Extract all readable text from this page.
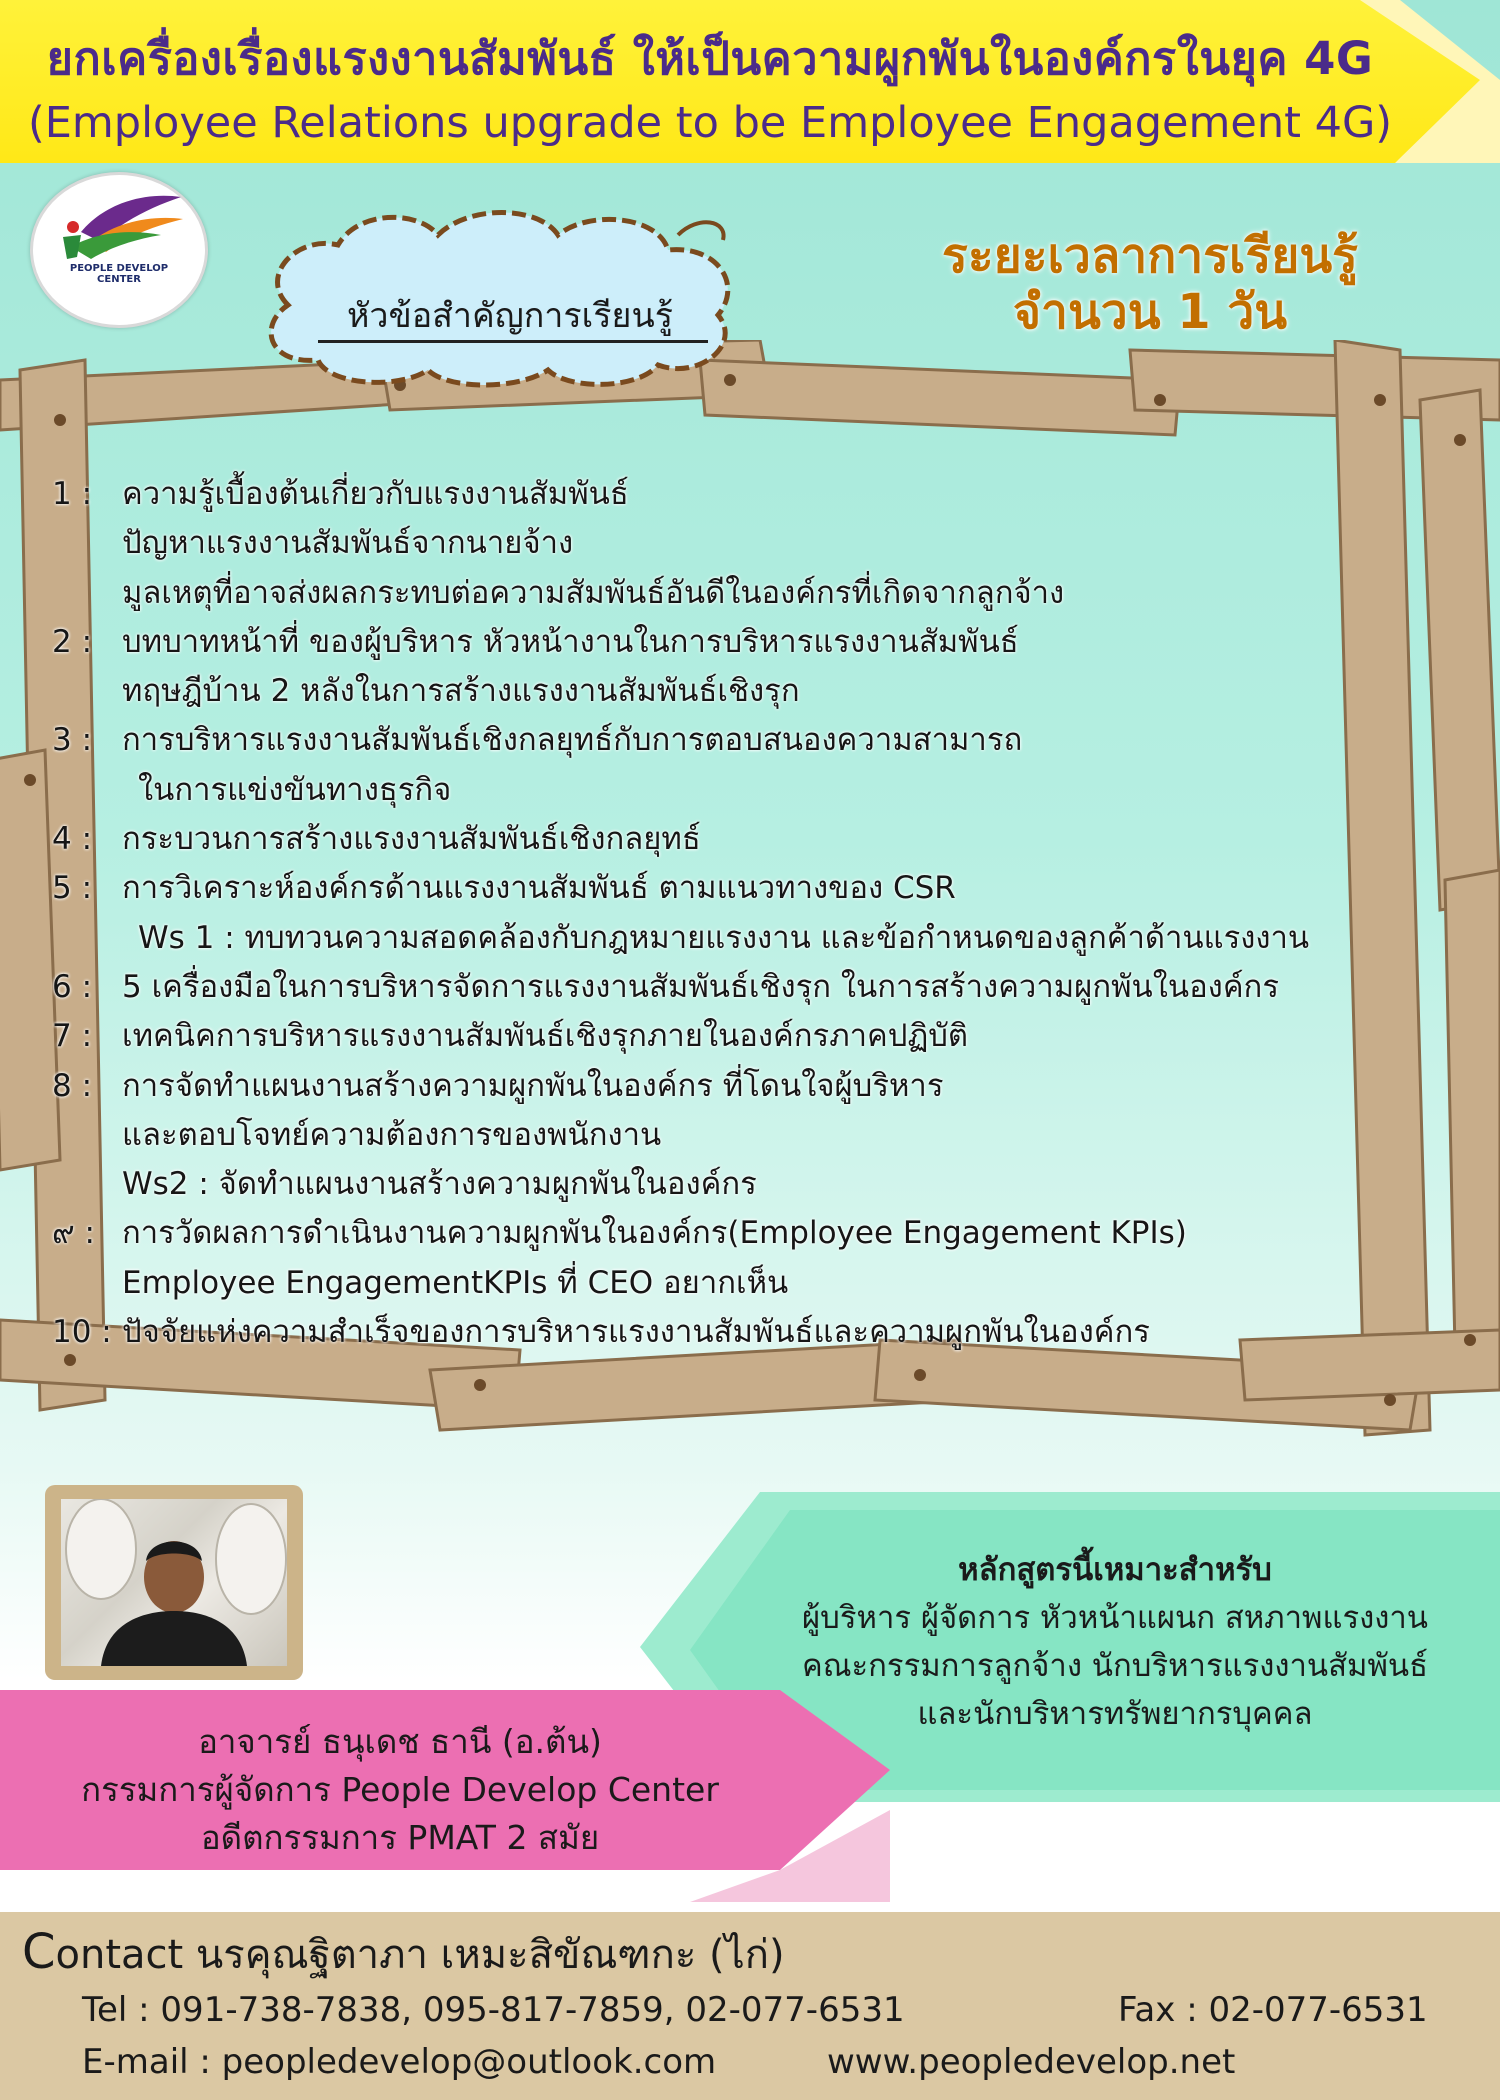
ยกเครื่องเรื่องแรงงานสัมพันธ์ ให้เป็นความผูกพันในองค์กรในยุค 4G
(Employee Relations upgrade to be Employee Engagement 4G)
PEOPLE DEVELOP
CENTER
หัวข้อสำคัญการเรียนรู้
ระยะเวลาการเรียนรู้
จำนวน 1 วัน
1 : ความรู้เบื้องต้นเกี่ยวกับแรงงานสัมพันธ์
ปัญหาแรงงานสัมพันธ์จากนายจ้าง
มูลเหตุที่อาจส่งผลกระทบต่อความสัมพันธ์อันดีในองค์กรที่เกิดจากลูกจ้าง
2 : บทบาทหน้าที่ ของผู้บริหาร หัวหน้างานในการบริหารแรงงานสัมพันธ์
ทฤษฎีบ้าน 2 หลังในการสร้างแรงงานสัมพันธ์เชิงรุก
3 : การบริหารแรงงานสัมพันธ์เชิงกลยุทธ์กับการตอบสนองความสามารถ
ในการแข่งขันทางธุรกิจ
4 : กระบวนการสร้างแรงงานสัมพันธ์เชิงกลยุทธ์
5 : การวิเคราะห์องค์กรด้านแรงงานสัมพันธ์ ตามแนวทางของ CSR
Ws 1 : ทบทวนความสอดคล้องกับกฎหมายแรงงาน และข้อกำหนดของลูกค้าด้านแรงงาน
6 : 5 เครื่องมือในการบริหารจัดการแรงงานสัมพันธ์เชิงรุก ในการสร้างความผูกพันในองค์กร
7 : เทคนิคการบริหารแรงงานสัมพันธ์เชิงรุกภายในองค์กรภาคปฏิบัติ
8 : การจัดทำแผนงานสร้างความผูกพันในองค์กร ที่โดนใจผู้บริหาร
และตอบโจทย์ความต้องการของพนักงาน
Ws2 : จัดทำแผนงานสร้างความผูกพันในองค์กร
๙ : การวัดผลการดำเนินงานความผูกพันในองค์กร(Employee Engagement KPIs)
Employee EngagementKPIs ที่ CEO อยากเห็น
10 : ปัจจัยแห่งความสำเร็จของการบริหารแรงงานสัมพันธ์และความผูกพันในองค์กร
หลักสูตรนี้เหมาะสำหรับ
ผู้บริหาร ผู้จัดการ หัวหน้าแผนก สหภาพแรงงาน
คณะกรรมการลูกจ้าง นักบริหารแรงงานสัมพันธ์
และนักบริหารทรัพยากรบุคคล
อาจารย์ ธนุเดช ธานี (อ.ต้น)
กรรมการผู้จัดการ People Develop Center
อดีตกรรมการ PMAT 2 สมัย
Contact นรคุณฐิตาภา เหมะสิขัณฑกะ (ไก่)
Tel : 091-738-7838, 095-817-7859, 02-077-6531	Fax : 02-077-6531
E-mail : peopledevelop@outlook.com	www.peopledevelop.net
